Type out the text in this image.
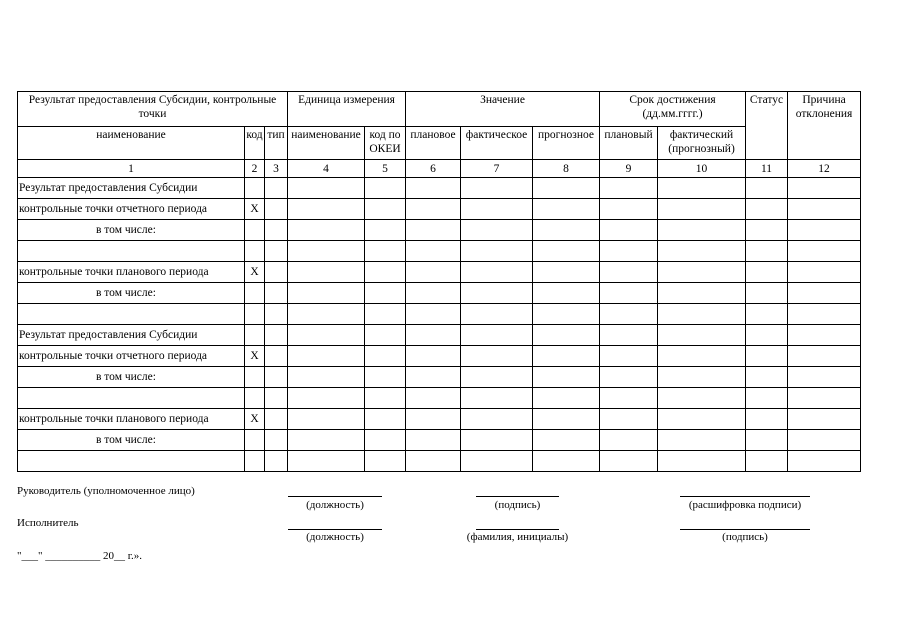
Результат предоставления Субсидии, контрольные точки			Единица измерения		Значение			Срок достижения (дд.мм.гггг.)		Статус	Причина отклонения
наименование	код	тип	наименование	код по ОКЕИ	плановое	фактическое	прогнозное	плановый	фактический (прогнозный)		
1	2	3	4	5	6	7	8	9	10	11	12
Результат предоставления Субсидии											
контрольные точки отчетного периода	X										
в том числе:											

контрольные точки планового периода	X										
в том числе:											

Результат предоставления Субсидии											
контрольные точки отчетного периода	X										
в том числе:											

контрольные точки планового периода	X										
в том числе:											

Руководитель (уполномоченное лицо)
(должность)	(подпись)	(расшифровка подписи)
Исполнитель
(должность)	(фамилия, инициалы)	(подпись)
"___" __________ 20__ г.».
